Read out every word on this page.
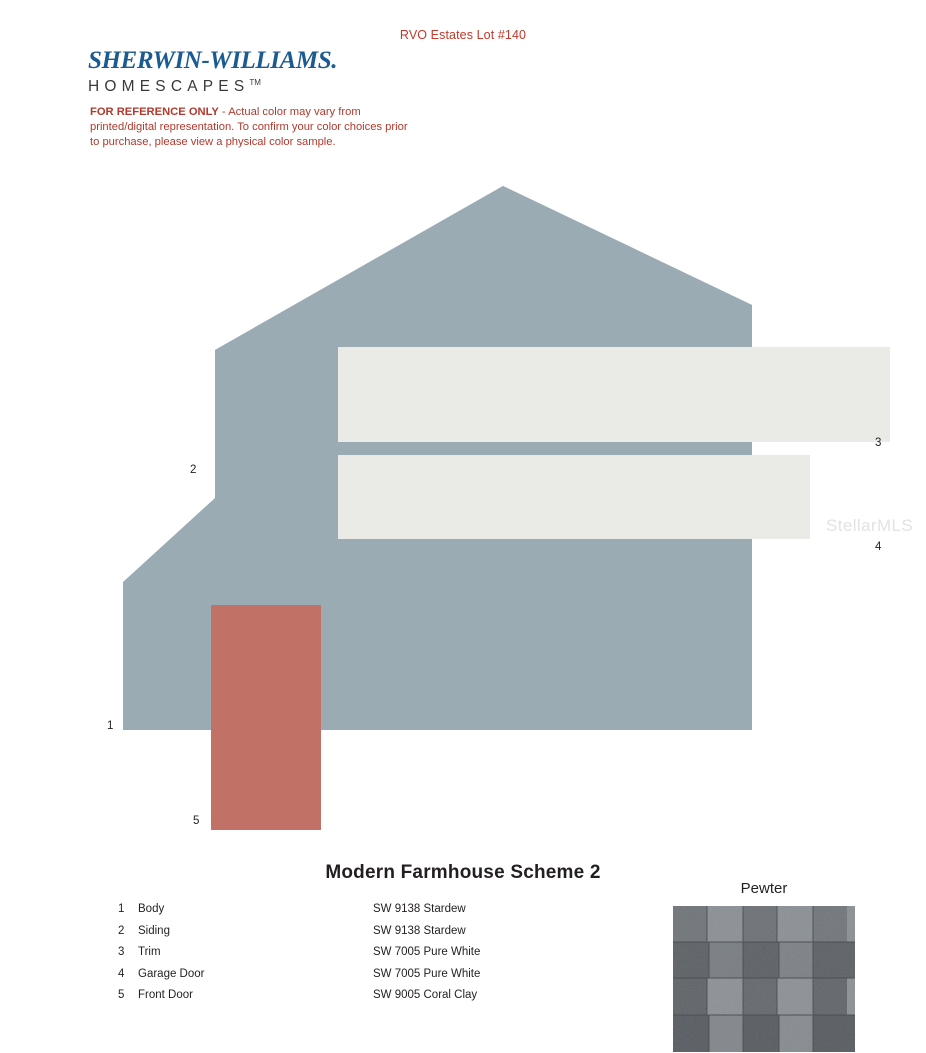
RVO Estates Lot #140
SHERWIN-WILLIAMS.
HOMESCAPES™
FOR REFERENCE ONLY - Actual color may vary from printed/digital representation. To confirm your color choices prior to purchase, please view a physical color sample.
StellarMLS
2
1
5
3
4
Modern Farmhouse Scheme 2
1	Body	SW 9138 Stardew
2	Siding	SW 9138 Stardew
3	Trim	SW 7005 Pure White
4	Garage Door	SW 7005 Pure White
5	Front Door	SW 9005 Coral Clay
Pewter
